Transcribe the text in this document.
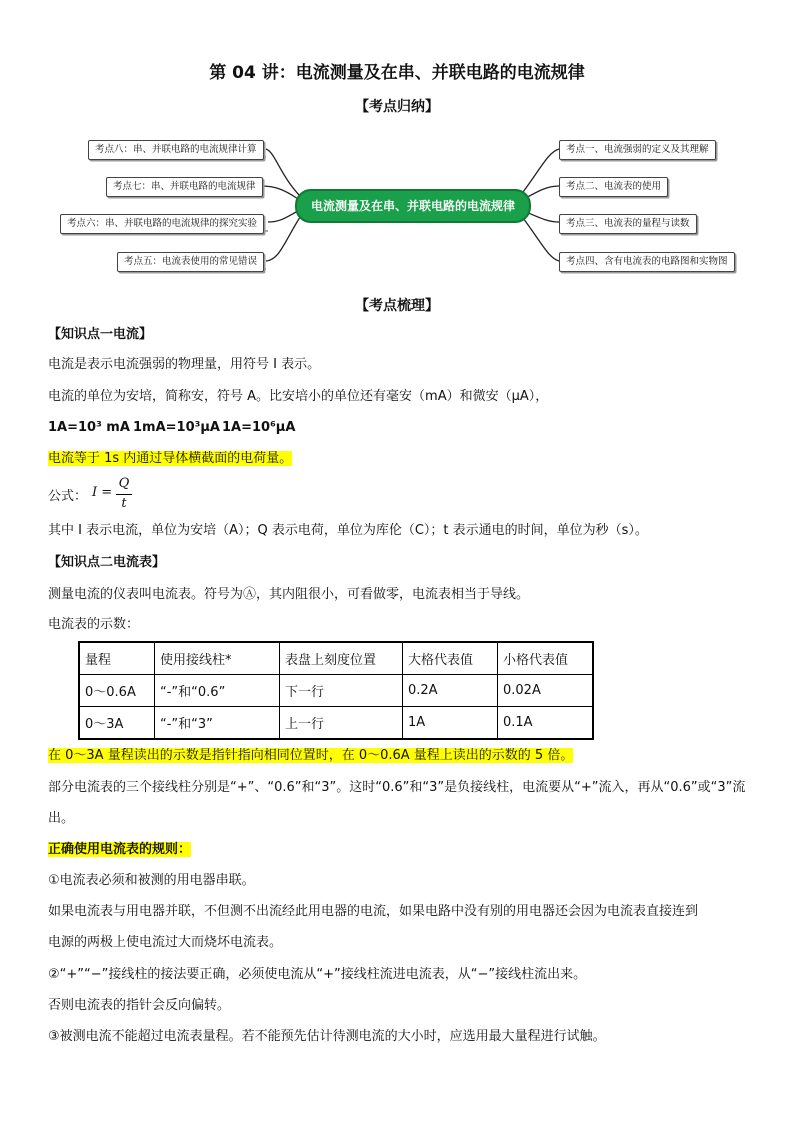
第 04 讲：电流测量及在串、并联电路的电流规律
【考点归纳】
考点八：串、并联电路的电流规律计算
考点七：串、并联电路的电流规律
考点六：串、并联电路的电流规律的探究实验
考点五：电流表使用的常见错误
电流测量及在串、并联电路的电流规律
考点一、电流强弱的定义及其理解
考点二、电流表的使用
考点三、电流表的量程与读数
考点四、含有电流表的电路图和实物图
【考点梳理】
【知识点一电流】
电流是表示电流强弱的物理量，用符号 I 表示。
电流的单位为安培，简称安，符号 A。比安培小的单位还有毫安（mA）和微安（μA），
1A=10³ mA 1mA=10³μA 1A=10⁶μA
电流等于 1s 内通过导体横截面的电荷量。
公式： I =
Q
t
其中 I 表示电流，单位为安培（A）；Q 表示电荷，单位为库伦（C）；t 表示通电的时间，单位为秒（s）。
【知识点二电流表】
测量电流的仪表叫电流表。符号为Ⓐ，其内阻很小，可看做零，电流表相当于导线。
电流表的示数：
量程	使用接线柱*	表盘上刻度位置	大格代表值	小格代表值
0～0.6A	“-”和“0.6”	下一行	0.2A	0.02A
0～3A	“-”和“3”	上一行	1A	0.1A
在 0～3A 量程读出的示数是指针指向相同位置时，在 0～0.6A 量程上读出的示数的 5 倍。
部分电流表的三个接线柱分别是“+”、“0.6”和“3”。这时“0.6”和“3”是负接线柱，电流要从“+”流入，再从“0.6”或“3”流
出。
正确使用电流表的规则：
①电流表必须和被测的用电器串联。
如果电流表与用电器并联，不但测不出流经此用电器的电流，如果电路中没有别的用电器还会因为电流表直接连到
电源的两极上使电流过大而烧坏电流表。
②“+”“−”接线柱的接法要正确，必须使电流从“+”接线柱流进电流表，从“−”接线柱流出来。
否则电流表的指针会反向偏转。
③被测电流不能超过电流表量程。若不能预先估计待测电流的大小时，应选用最大量程进行试触。
